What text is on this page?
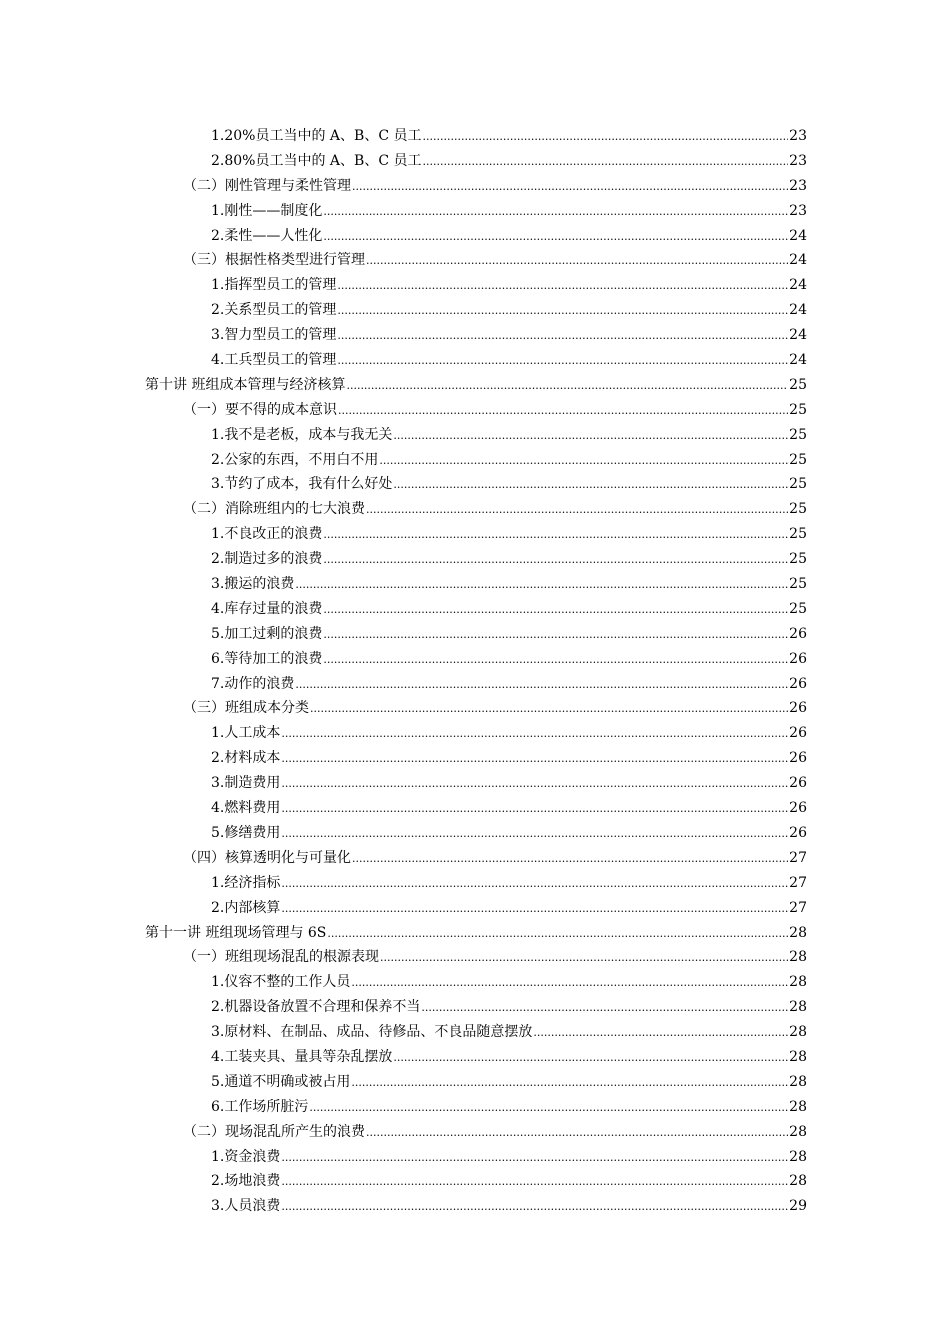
1.20%员工当中的 A、B、C 员工 .....	23
2.80%员工当中的 A、B、C 员工 .....	23
（二）刚性管理与柔性管理 .....	23
1.刚性——制度化 .....	23
2.柔性——人性化 .....	24
（三）根据性格类型进行管理 .....	24
1.指挥型员工的管理 .....	24
2.关系型员工的管理 .....	24
3.智力型员工的管理 .....	24
4.工兵型员工的管理 .....	24
第十讲 班组成本管理与经济核算 .....	25
（一）要不得的成本意识 .....	25
1.我不是老板，成本与我无关 .....	25
2.公家的东西，不用白不用 .....	25
3.节约了成本，我有什么好处 .....	25
（二）消除班组内的七大浪费 .....	25
1.不良改正的浪费 .....	25
2.制造过多的浪费 .....	25
3.搬运的浪费 .....	25
4.库存过量的浪费 .....	25
5.加工过剩的浪费 .....	26
6.等待加工的浪费 .....	26
7.动作的浪费 .....	26
（三）班组成本分类 .....	26
1.人工成本 .....	26
2.材料成本 .....	26
3.制造费用 .....	26
4.燃料费用 .....	26
5.修缮费用 .....	26
（四）核算透明化与可量化 .....	27
1.经济指标 .....	27
2.内部核算 .....	27
第十一讲 班组现场管理与 6S .....	28
（一）班组现场混乱的根源表现 .....	28
1.仪容不整的工作人员 .....	28
2.机器设备放置不合理和保养不当 .....	28
3.原材料、在制品、成品、待修品、不良品随意摆放 .....	28
4.工装夹具、量具等杂乱摆放 .....	28
5.通道不明确或被占用 .....	28
6.工作场所脏污 .....	28
（二）现场混乱所产生的浪费 .....	28
1.资金浪费 .....	28
2.场地浪费 .....	28
3.人员浪费 .....	29
